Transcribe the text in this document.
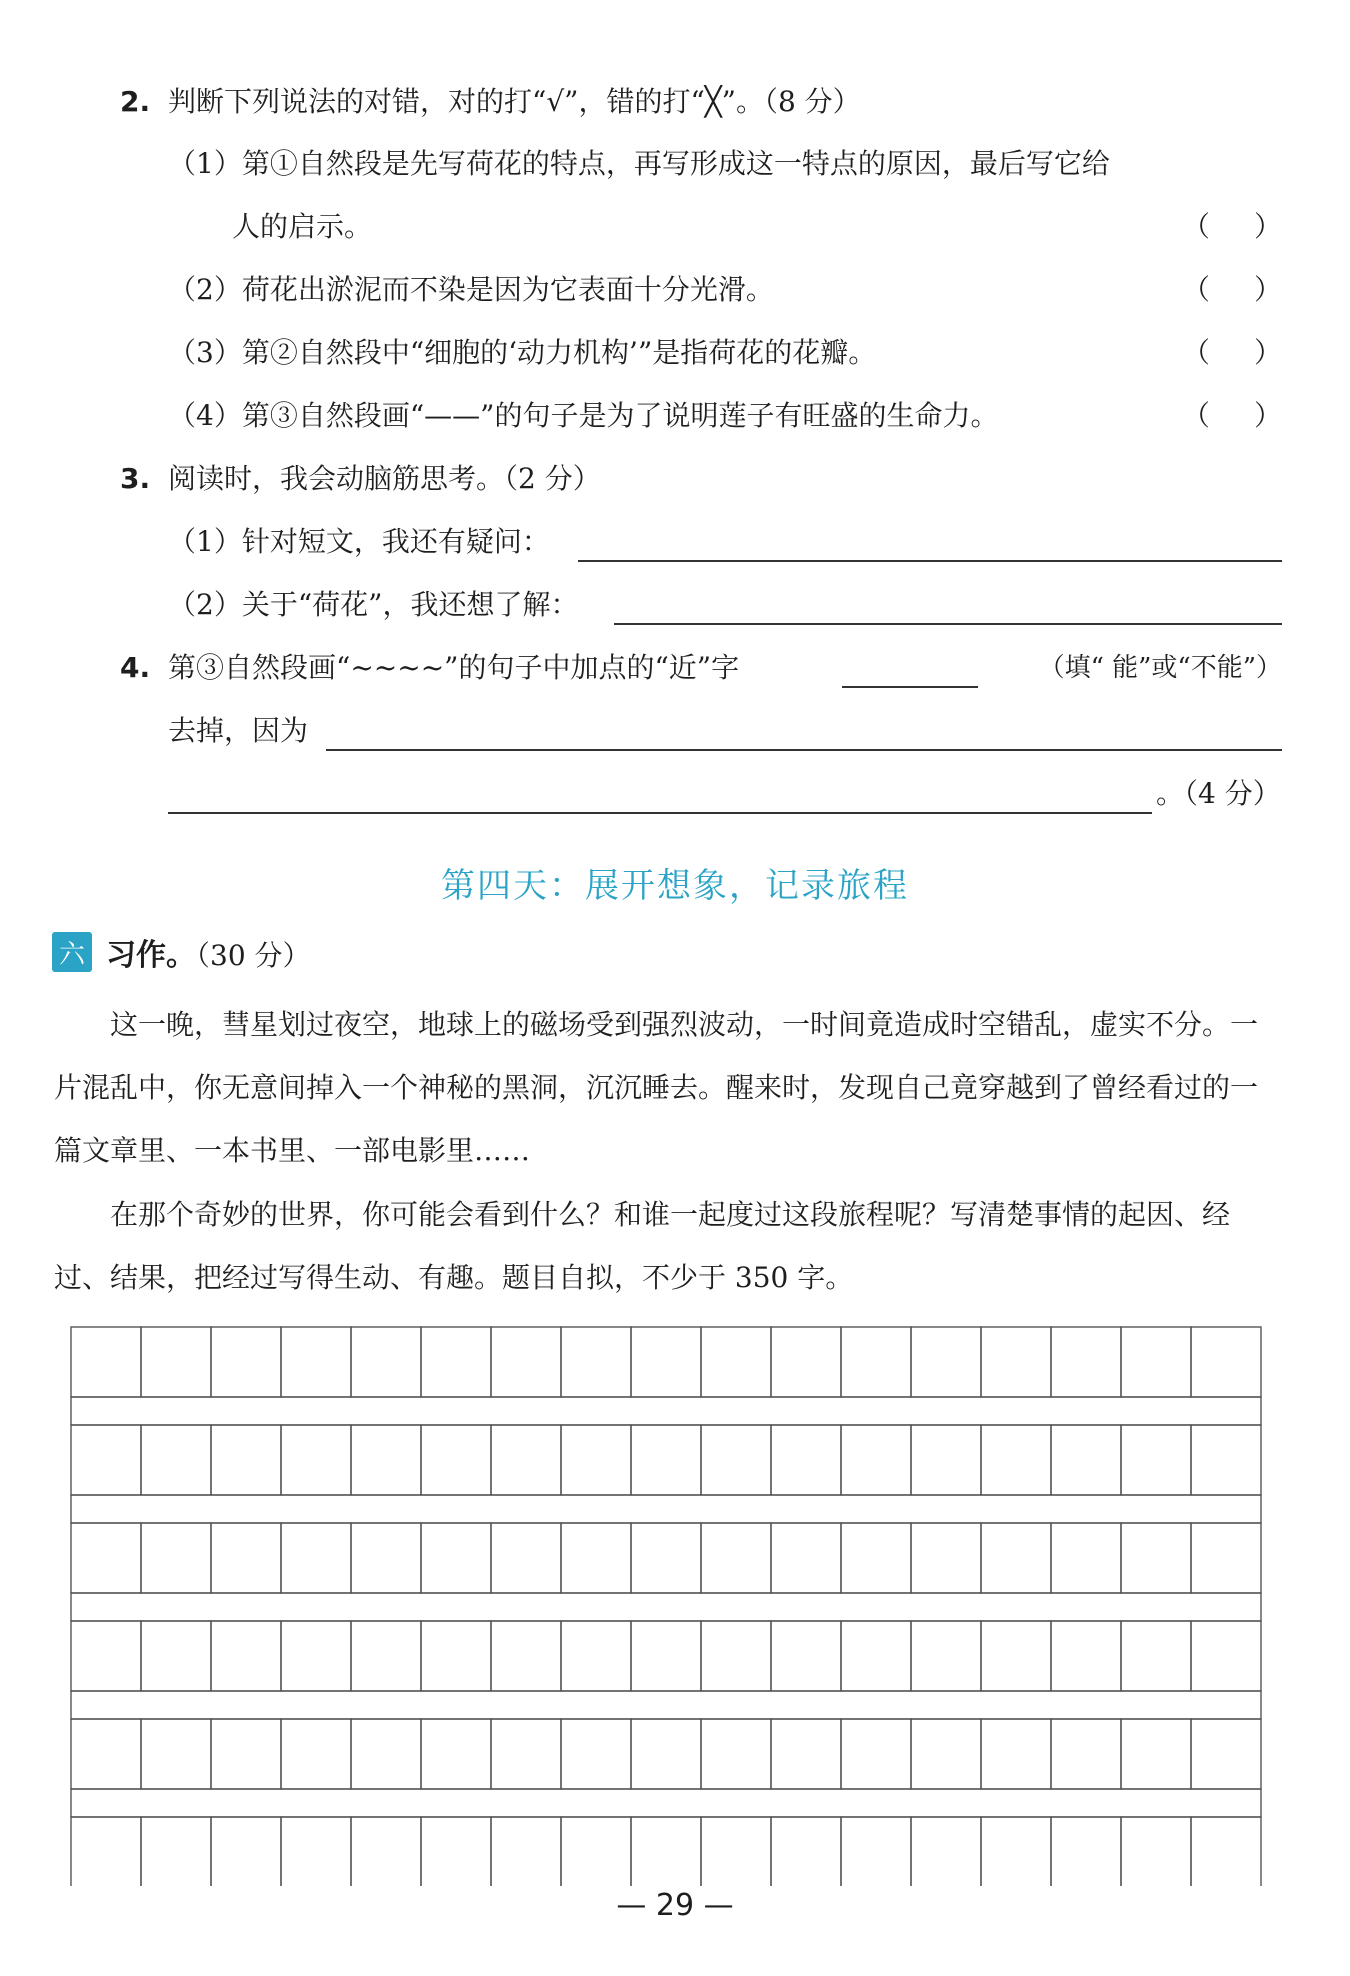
2. 判断下列说法的对错，对的打“√”，错的打“╳”。（8 分）
（1）第①自然段是先写荷花的特点，再写形成这一特点的原因，最后写它给
人的启示。	（ ）
（2）荷花出淤泥而不染是因为它表面十分光滑。	（ ）
（3）第②自然段中“细胞的‘动力机构’”是指荷花的花瓣。	（ ）
（4）第③自然段画“——”的句子是为了说明莲子有旺盛的生命力。	（ ）
3. 阅读时，我会动脑筋思考。（2 分）
（1）针对短文，我还有疑问：
（2）关于“荷花”，我还想了解：
4. 第③自然段画“~~~~”的句子中加点的“近”字	（填“ 能”或“不能”）
去掉，因为
。（4 分）
第四天：展开想象，记录旅程
六 习作。（30 分）
这一晚，彗星划过夜空，地球上的磁场受到强烈波动，一时间竟造成时空错乱，虚实不分。一片混乱中，你无意间掉入一个神秘的黑洞，沉沉睡去。醒来时，发现自己竟穿越到了曾经看过的一篇文章里、一本书里、一部电影里……
在那个奇妙的世界，你可能会看到什么？和谁一起度过这段旅程呢？写清楚事情的起因、经过、结果，把经过写得生动、有趣。题目自拟，不少于 350 字。
— 29 —
